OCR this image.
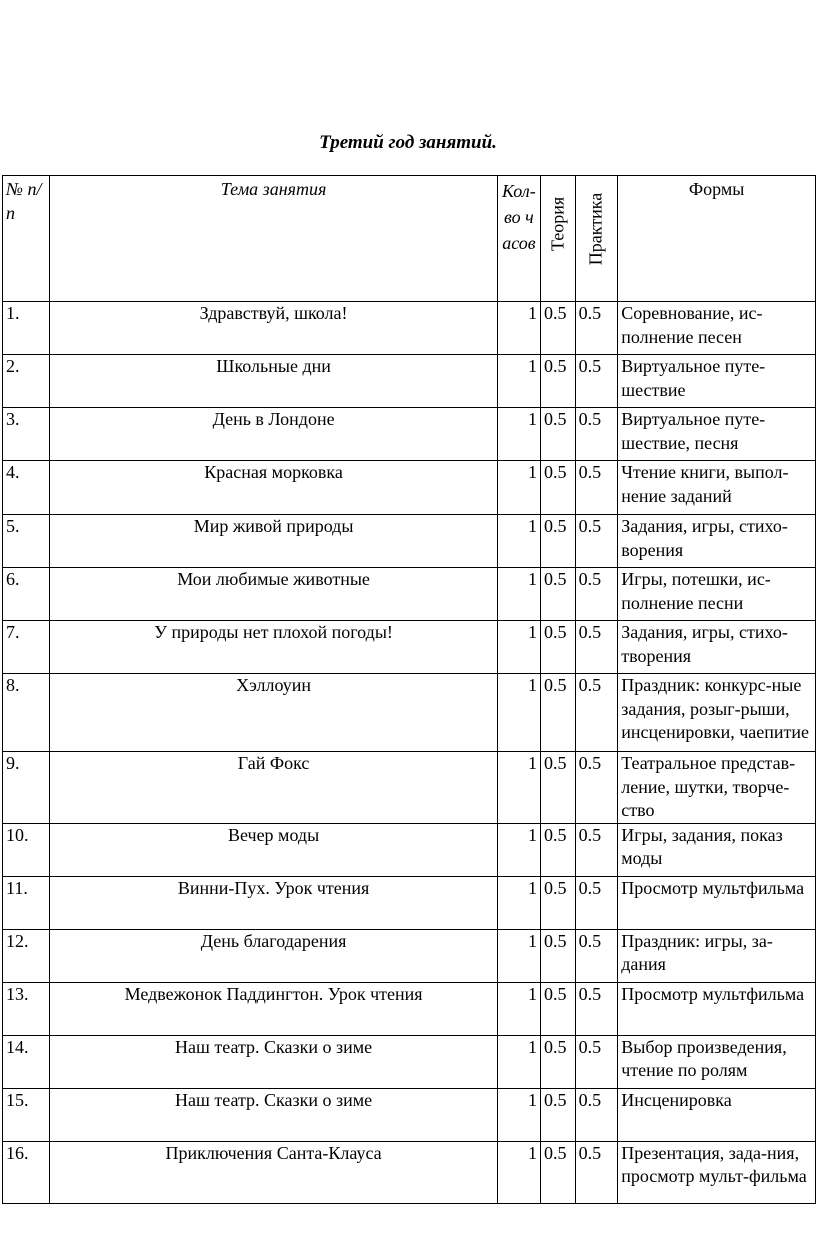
Третий год занятий.
№ п/п	Тема занятия	Кол-во часов	Теория	Практика	Формы
1.	Здравствуй, школа!	1	0.5	0.5	Соревнование, ис-полнение песен
2.	Школьные дни	1	0.5	0.5	Виртуальное путе-шествие
3.	День в Лондоне	1	0.5	0.5	Виртуальное путе-шествие, песня
4.	Красная морковка	1	0.5	0.5	Чтение книги, выпол-нение заданий
5.	Мир живой природы	1	0.5	0.5	Задания, игры, стихо-ворения
6.	Мои любимые животные	1	0.5	0.5	Игры, потешки, ис-полнение песни
7.	У природы нет плохой погоды!	1	0.5	0.5	Задания, игры, стихо-творения
8.	Хэллоуин	1	0.5	0.5	Праздник: конкурс-ные задания, розыг-рыши, инсценировки, чаепитие
9.	Гай Фокс	1	0.5	0.5	Театральное представ-ление, шутки, творче-ство
10.	Вечер моды	1	0.5	0.5	Игры, задания, показ моды
11.	Винни-Пух. Урок чтения	1	0.5	0.5	Просмотр мультфильма
12.	День благодарения	1	0.5	0.5	Праздник: игры, за-дания
13.	Медвежонок Паддингтон. Урок чтения	1	0.5	0.5	Просмотр мультфильма
14.	Наш театр. Сказки о зиме	1	0.5	0.5	Выбор произведения, чтение по ролям
15.	Наш театр. Сказки о зиме	1	0.5	0.5	Инсценировка
16.	Приключения Санта-Клауса	1	0.5	0.5	Презентация, зада-ния, просмотр мульт-фильма
